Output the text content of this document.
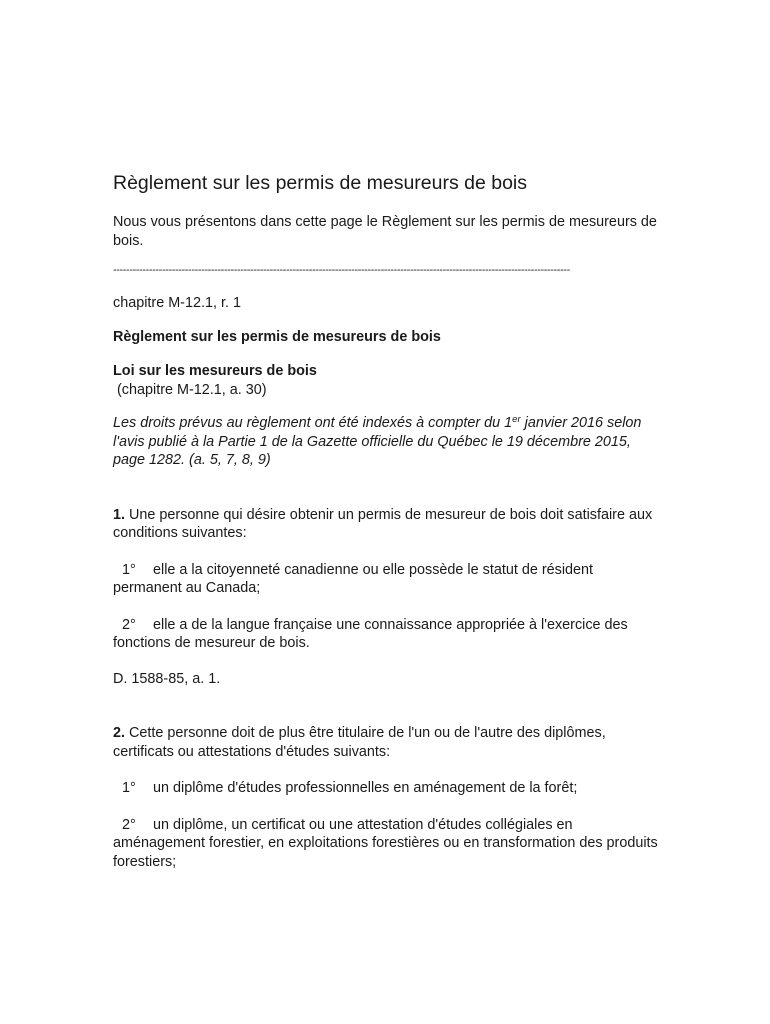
Règlement sur les permis de mesureurs de bois

Nous vous présentons dans cette page le Règlement sur les permis de mesureurs de bois.

--------------------------------------------------------------------------------------------------------------------------------------------

chapitre M-12.1, r. 1

Règlement sur les permis de mesureurs de bois

Loi sur les mesureurs de bois

(chapitre M-12.1, a. 30)

Les droits prévus au règlement ont été indexés à compter du 1er janvier 2016 selon l'avis publié à la Partie 1 de la Gazette officielle du Québec le 19 décembre 2015, page 1282. (a. 5, 7, 8, 9)

1. Une personne qui désire obtenir un permis de mesureur de bois doit satisfaire aux conditions suivantes:

1° elle a la citoyenneté canadienne ou elle possède le statut de résident permanent au Canada;

2° elle a de la langue française une connaissance appropriée à l'exercice des fonctions de mesureur de bois.

D. 1588-85, a. 1.

2. Cette personne doit de plus être titulaire de l'un ou de l'autre des diplômes, certificats ou attestations d'études suivants:

1° un diplôme d'études professionnelles en aménagement de la forêt;

2° un diplôme, un certificat ou une attestation d'études collégiales en aménagement forestier, en exploitations forestières ou en transformation des produits forestiers;
